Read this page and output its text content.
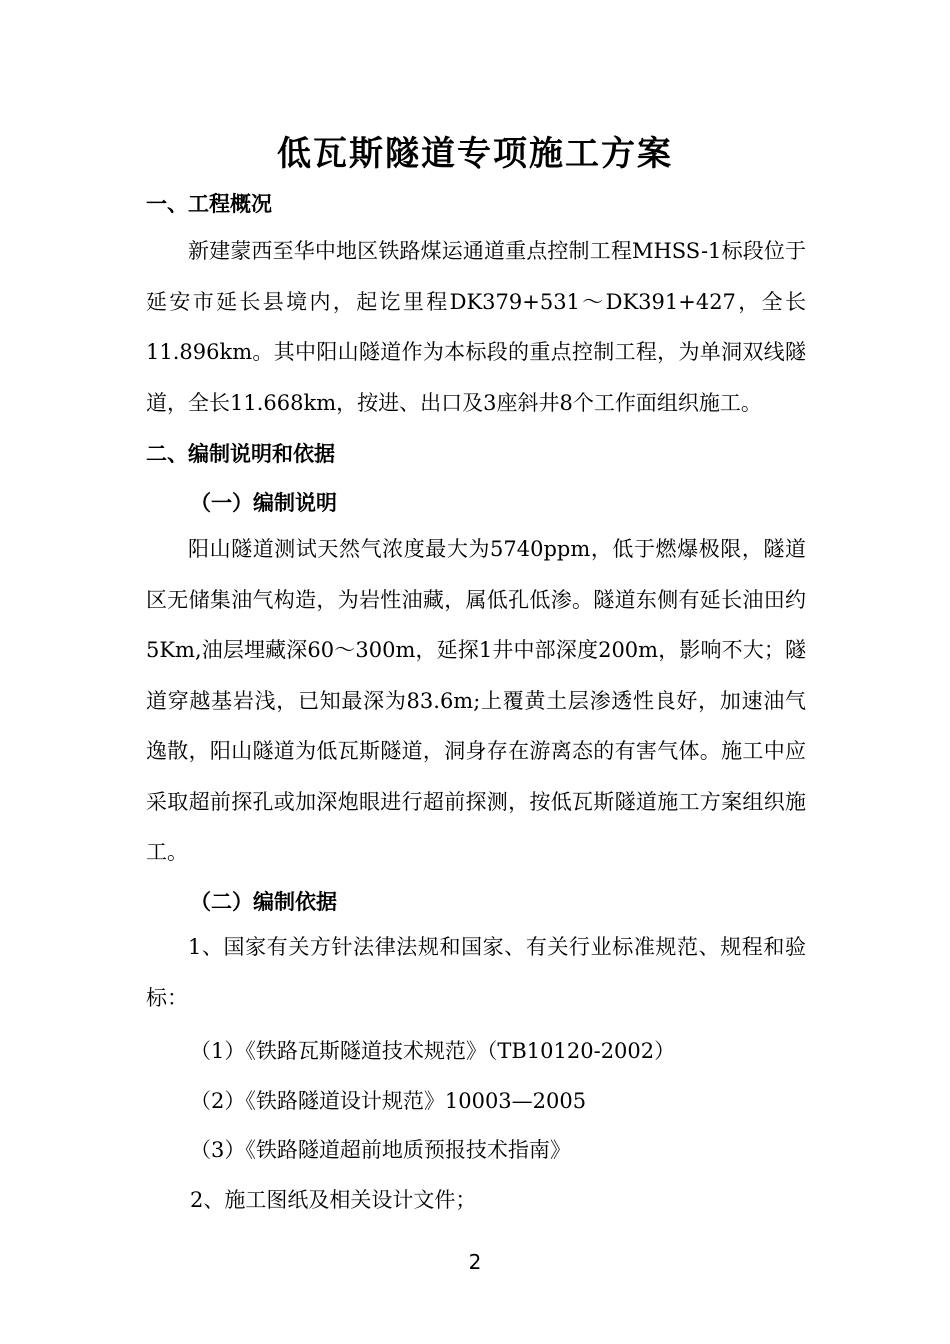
低瓦斯隧道专项施工方案
一、工程概况
新建蒙西至华中地区铁路煤运通道重点控制工程MHSS-1标段位于延安市延长县境内，起讫里程DK379+531～DK391+427，全长11.896km。其中阳山隧道作为本标段的重点控制工程，为单洞双线隧道，全长11.668km，按进、出口及3座斜井8个工作面组织施工。
二、编制说明和依据
（一）编制说明
阳山隧道测试天然气浓度最大为5740ppm，低于燃爆极限，隧道区无储集油气构造，为岩性油藏，属低孔低渗。隧道东侧有延长油田约5Km,油层埋藏深60～300m，延探1井中部深度200m，影响不大；隧道穿越基岩浅，已知最深为83.6m;上覆黄土层渗透性良好，加速油气逸散，阳山隧道为低瓦斯隧道，洞身存在游离态的有害气体。施工中应采取超前探孔或加深炮眼进行超前探测，按低瓦斯隧道施工方案组织施工。
（二）编制依据
1、国家有关方针法律法规和国家、有关行业标准规范、规程和验标：
（1）《铁路瓦斯隧道技术规范》（TB10120-2002）
（2）《铁路隧道设计规范》10003—2005
（3）《铁路隧道超前地质预报技术指南》
2、施工图纸及相关设计文件；
2
